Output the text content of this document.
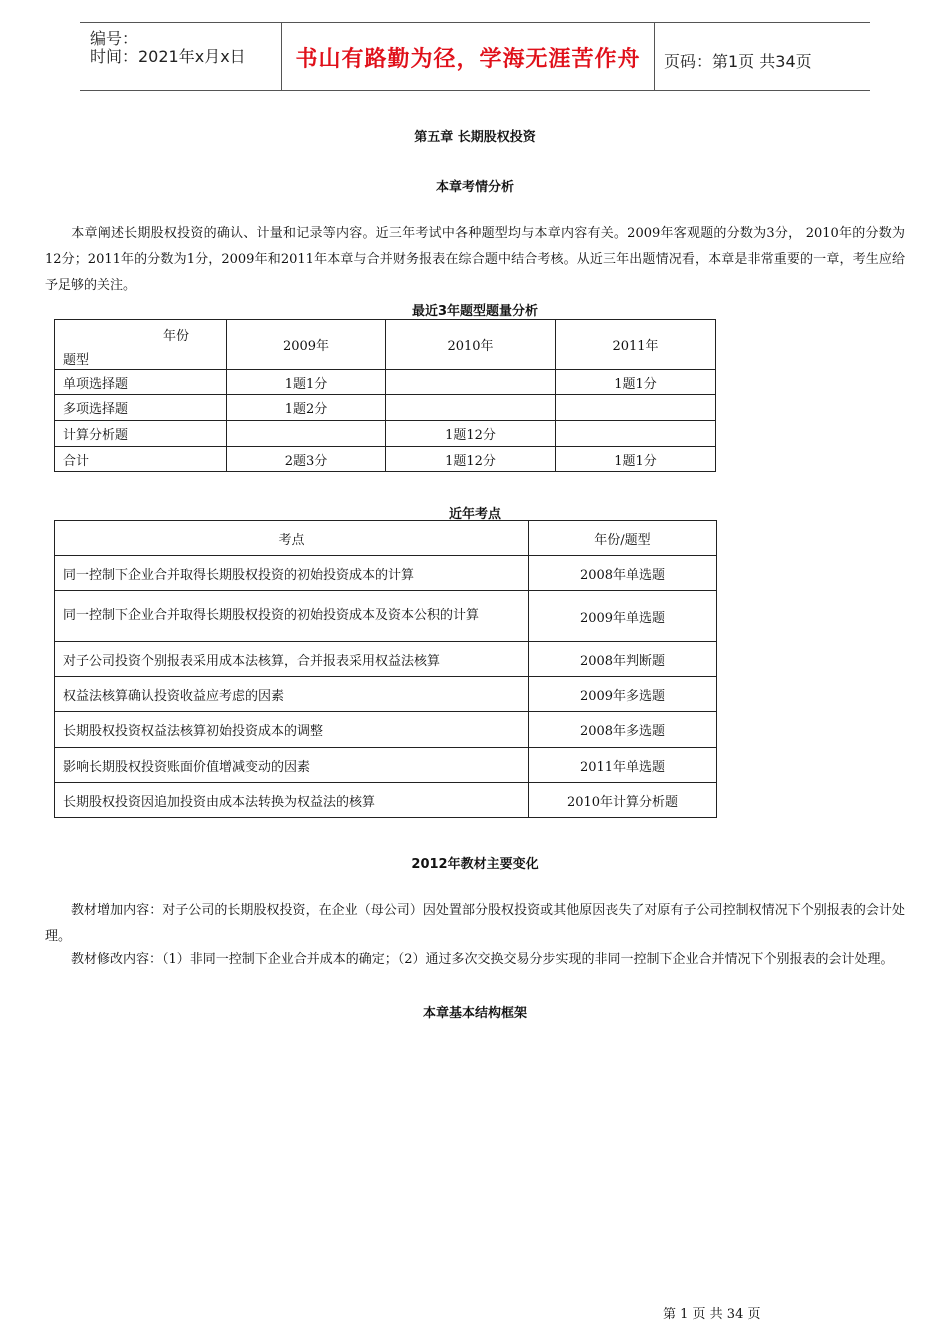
编号：
时间：2021年x月x日	书山有路勤为径，学海无涯苦作舟	页码：第1页 共34页
第五章 长期股权投资
本章考情分析
本章阐述长期股权投资的确认、计量和记录等内容。近三年考试中各种题型均与本章内容有关。2009年客观题的分数为3分， 2010年的分数为12分；2011年的分数为1分，2009年和2011年本章与合并财务报表在综合题中结合考核。从近三年出题情况看，本章是非常重要的一章，考生应给予足够的关注。
最近3年题型题量分析
年份
题型	2009年	2010年	2011年
单项选择题	1题1分		1题1分
多项选择题	1题2分		
计算分析题		1题12分	
合计	2题3分	1题12分	1题1分
近年考点
考点	年份/题型
同一控制下企业合并取得长期股权投资的初始投资成本的计算	2008年单选题
同一控制下企业合并取得长期股权投资的初始投资成本及资本公积的计算	2009年单选题
对子公司投资个别报表采用成本法核算，合并报表采用权益法核算	2008年判断题
权益法核算确认投资收益应考虑的因素	2009年多选题
长期股权投资权益法核算初始投资成本的调整	2008年多选题
影响长期股权投资账面价值增减变动的因素	2011年单选题
长期股权投资因追加投资由成本法转换为权益法的核算	2010年计算分析题
2012年教材主要变化
教材增加内容：对子公司的长期股权投资，在企业（母公司）因处置部分股权投资或其他原因丧失了对原有子公司控制权情况下个别报表的会计处理。
教材修改内容：（1）非同一控制下企业合并成本的确定；（2）通过多次交换交易分步实现的非同一控制下企业合并情况下个别报表的会计处理。
本章基本结构框架
第 1 页 共 34 页
